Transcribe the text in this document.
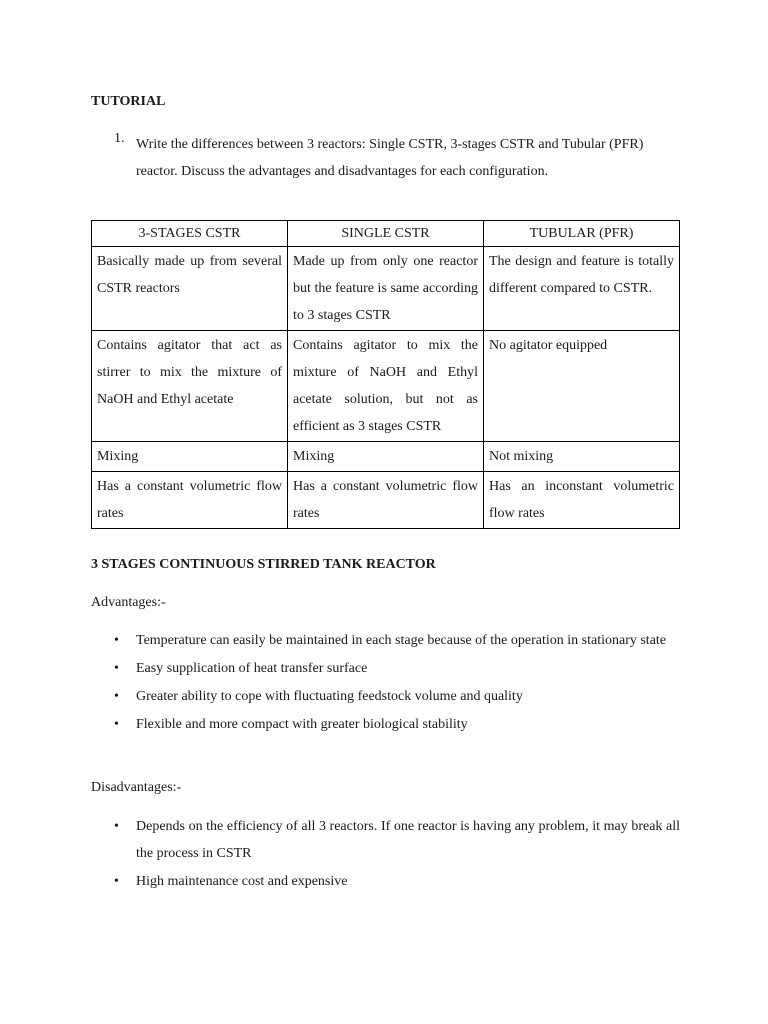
TUTORIAL
1. Write the differences between 3 reactors: Single CSTR, 3-stages CSTR and Tubular (PFR) reactor. Discuss the advantages and disadvantages for each configuration.
3-STAGES CSTR	SINGLE CSTR	TUBULAR (PFR)
Basically made up from several CSTR reactors	Made up from only one reactor but the feature is same according to 3 stages CSTR	The design and feature is totally different compared to CSTR.
Contains agitator that act as stirrer to mix the mixture of NaOH and Ethyl acetate	Contains agitator to mix the mixture of NaOH and Ethyl acetate solution, but not as efficient as 3 stages CSTR	No agitator equipped
Mixing	Mixing	Not mixing
Has a constant volumetric flow rates	Has a constant volumetric flow rates	Has an inconstant volumetric flow rates
3 STAGES CONTINUOUS STIRRED TANK REACTOR
Advantages:-
•	Temperature can easily be maintained in each stage because of the operation in stationary state
•	Easy supplication of heat transfer surface
•	Greater ability to cope with fluctuating feedstock volume and quality
•	Flexible and more compact with greater biological stability
Disadvantages:-
•	Depends on the efficiency of all 3 reactors. If one reactor is having any problem, it may break all the process in CSTR
•	High maintenance cost and expensive
